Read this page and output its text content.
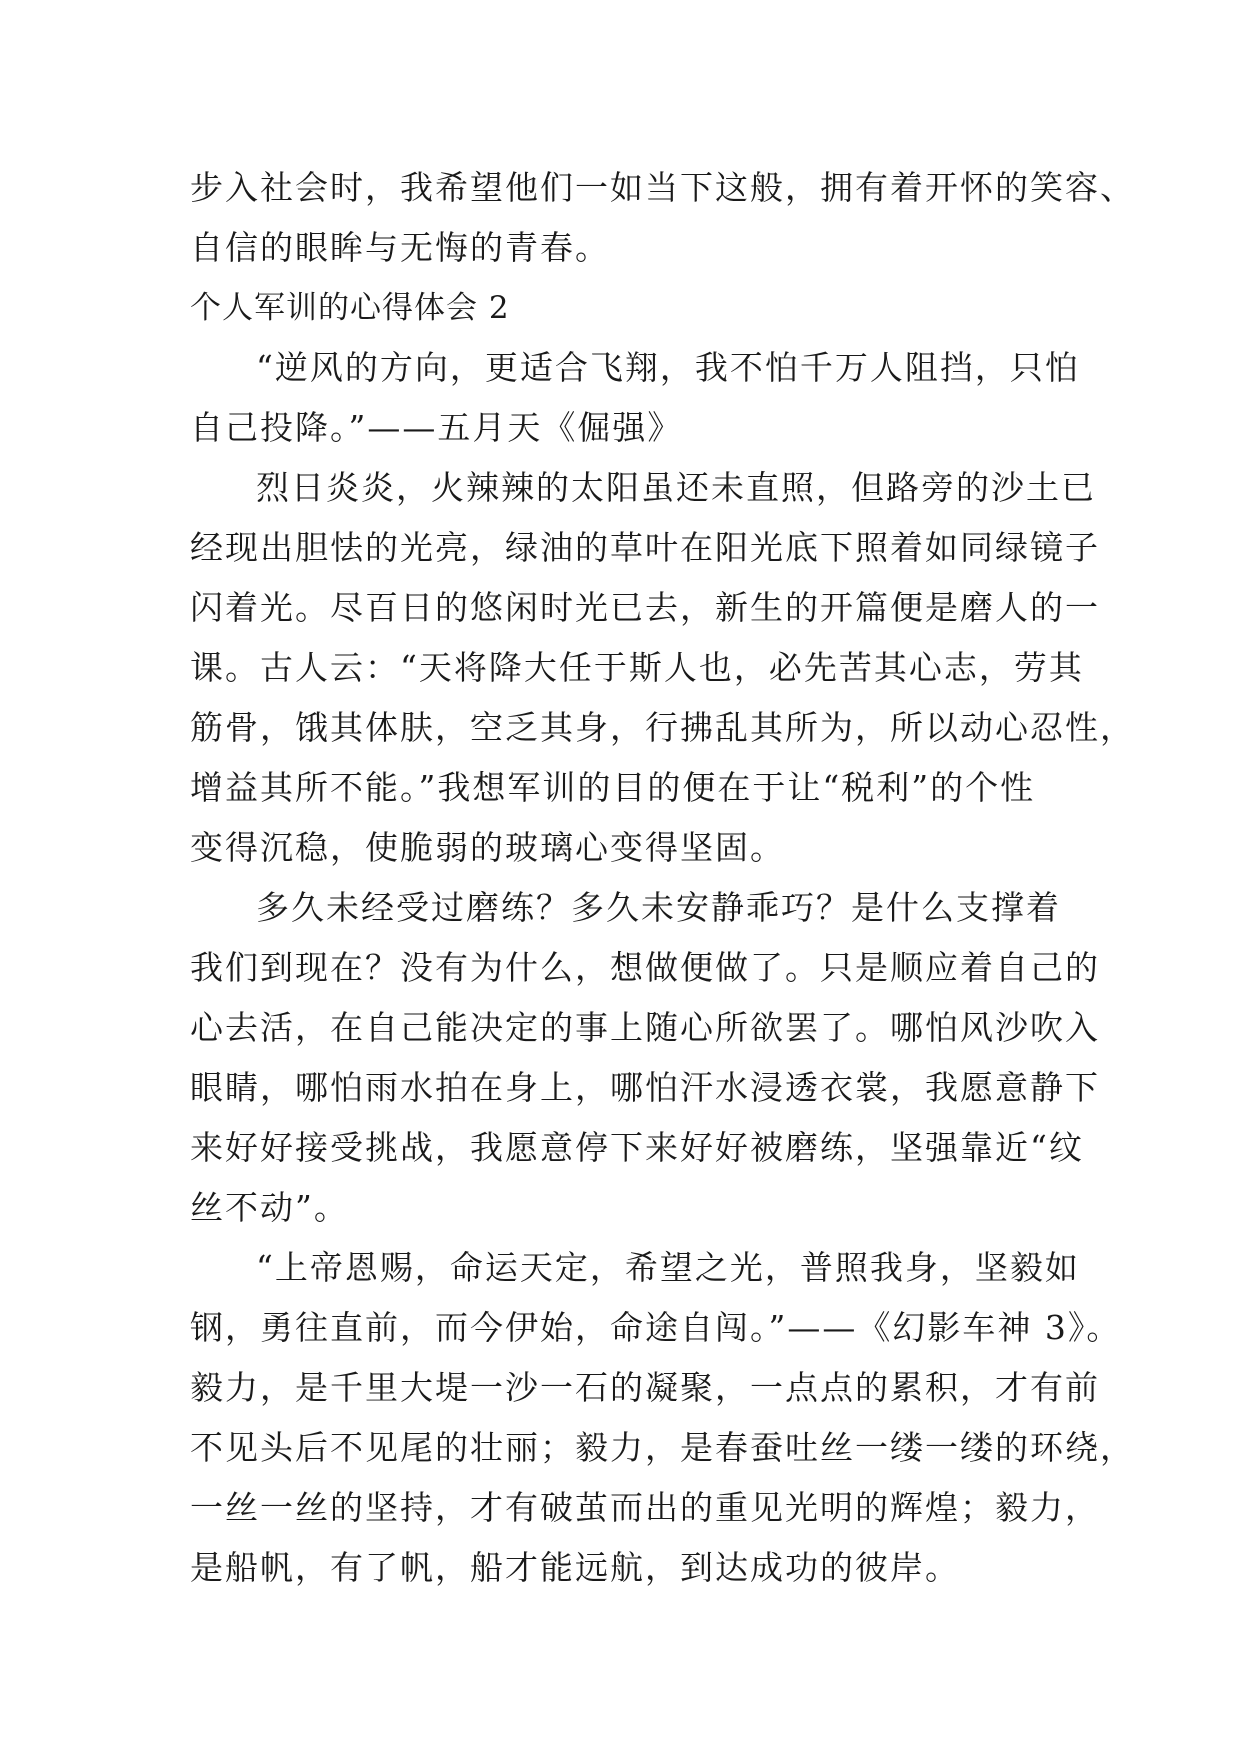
步入社会时，我希望他们一如当下这般，拥有着开怀的笑容、
自信的眼眸与无悔的青春。
个人军训的心得体会 2
“逆风的方向，更适合飞翔，我不怕千万人阻挡，只怕
自己投降。”——五月天《倔强》
烈日炎炎，火辣辣的太阳虽还未直照，但路旁的沙土已
经现出胆怯的光亮，绿油的草叶在阳光底下照着如同绿镜子
闪着光。尽百日的悠闲时光已去，新生的开篇便是磨人的一
课。古人云：“天将降大任于斯人也，必先苦其心志，劳其
筋骨，饿其体肤，空乏其身，行拂乱其所为，所以动心忍性，
增益其所不能。”我想军训的目的便在于让“税利”的个性
变得沉稳，使脆弱的玻璃心变得坚固。
多久未经受过磨练？多久未安静乖巧？是什么支撑着
我们到现在？没有为什么，想做便做了。只是顺应着自己的
心去活，在自己能决定的事上随心所欲罢了。哪怕风沙吹入
眼睛，哪怕雨水拍在身上，哪怕汗水浸透衣裳，我愿意静下
来好好接受挑战，我愿意停下来好好被磨练，坚强靠近“纹
丝不动”。
“上帝恩赐，命运天定，希望之光，普照我身，坚毅如
钢，勇往直前，而今伊始，命途自闯。”——《幻影车神 3》。
毅力，是千里大堤一沙一石的凝聚，一点点的累积，才有前
不见头后不见尾的壮丽；毅力，是春蚕吐丝一缕一缕的环绕，
一丝一丝的坚持，才有破茧而出的重见光明的辉煌；毅力，
是船帆，有了帆，船才能远航，到达成功的彼岸。
